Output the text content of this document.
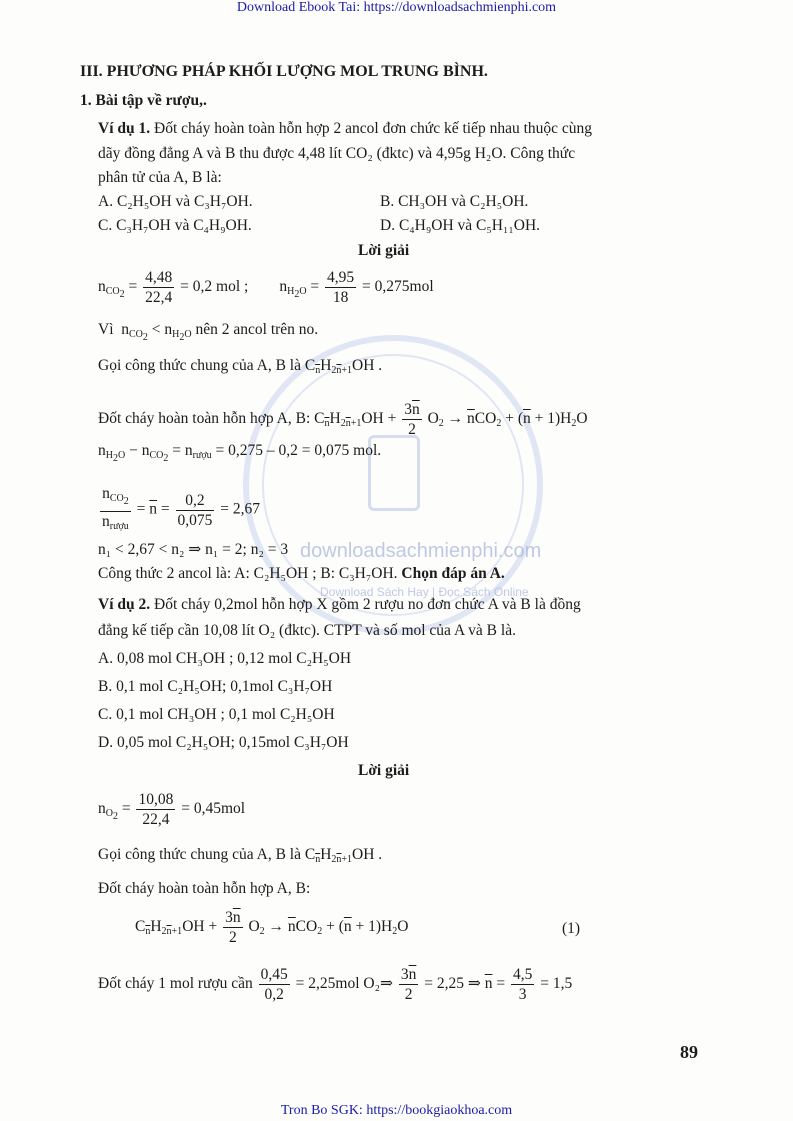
downloadsachmienphi.com
Download Sách Hay | Đọc Sách Online
Download Ebook Tai: https://downloadsachmienphi.com
III. PHƯƠNG PHÁP KHỐI LƯỢNG MOL TRUNG BÌNH.
1. Bài tập về rượu,.
Ví dụ 1. Đốt cháy hoàn toàn hỗn hợp 2 ancol đơn chức kế tiếp nhau thuộc cùng
dãy đồng đẳng A và B thu được 4,48 lít CO₂ (đktc) và 4,95g H₂O. Công thức
phân tử của A, B là:
A. C₂H₅OH và C₃H₇OH.	B. CH₃OH và C₂H₅OH.
C. C₃H₇OH và C₄H₉OH.	D. C₄H₉OH và C₅H₁₁OH.
Lời giải
$n_{CO_2} = \frac{4,48}{22,4} = 0,2$ mol ;        $n_{H_2O} = \frac{4,95}{18} = 0,275mol$
Vì  $n_{CO_2} < n_{H_2O}$ nên 2 ancol trên no.
Gọi công thức chung của A, B là $C_{\overline{n}}H_{2\overline{n}+1}OH$ .
Đốt cháy hoàn toàn hỗn hợp A, B: $C_{\overline{n}}H_{2\overline{n}+1}OH + \frac{3\overline{n}}{2} O_2 \to \overline{n}CO_2 + (\overline{n} + 1)H_2O$
$n_{H_2O} - n_{CO_2} = n_{rượu} = 0,275 - 0,2 = 0,075$ mol.
$\frac{n_{CO_2}}{n_{rượu}} = \overline{n} = \frac{0,2}{0,075} = 2,67$
n₁ < 2,67 < n₂ ⇒ n₁ = 2; n₂ = 3
Công thức 2 ancol là: A: C₂H₅OH ; B: C₃H₇OH. Chọn đáp án A.
Ví dụ 2. Đốt cháy 0,2mol hỗn hợp X gồm 2 rượu no đơn chức A và B là đồng
đẳng kế tiếp cần 10,08 lít O₂ (đktc). CTPT và số mol của A và B là.
A. 0,08 mol CH₃OH ; 0,12 mol C₂H₅OH
B. 0,1 mol C₂H₅OH; 0,1mol C₃H₇OH
C. 0,1 mol CH₃OH ; 0,1 mol C₂H₅OH
D. 0,05 mol C₂H₅OH; 0,15mol C₃H₇OH
Lời giải
$n_{O_2} = \frac{10,08}{22,4} = 0,45mol$
Gọi công thức chung của A, B là $C_{\overline{n}}H_{2\overline{n}+1}OH$ .
Đốt cháy hoàn toàn hỗn hợp A, B:
$C_{\overline{n}}H_{2\overline{n}+1}OH + \frac{3\overline{n}}{2} O_2 \to \overline{n}CO_2 + (\overline{n} + 1)H_2O$	(1)
Đốt cháy 1 mol rượu cần $\frac{0,45}{0,2} = 2,25mol$ O₂⇒ $\frac{3\overline{n}}{2} = 2,25$ ⇒ $\overline{n} = \frac{4,5}{3} = 1,5$
89
Tron Bo SGK: https://bookgiaokhoa.com
